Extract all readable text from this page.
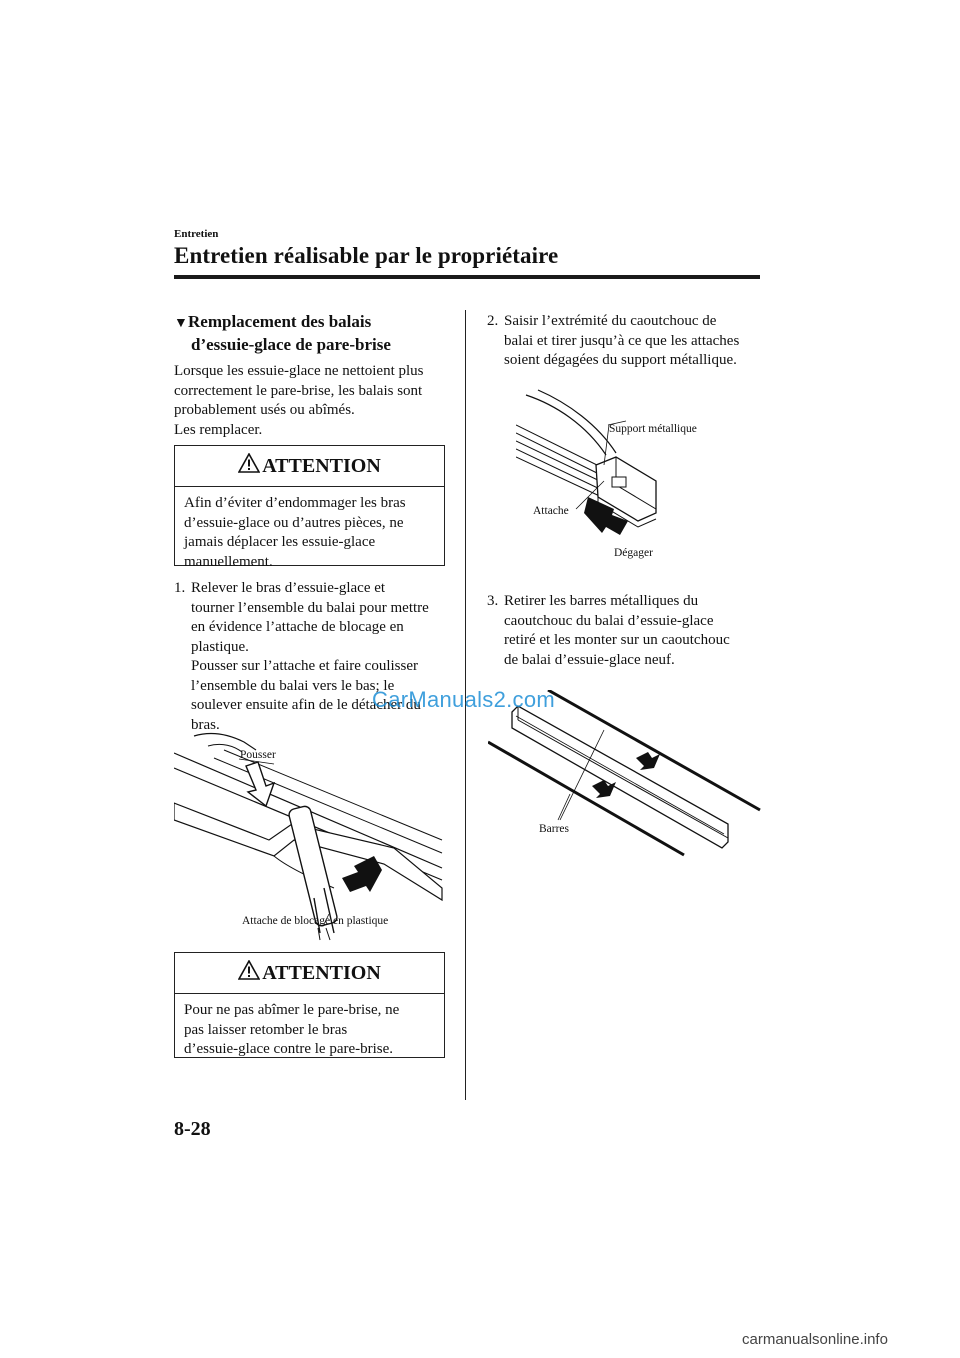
Entretien
Entretien réalisable par le propriétaire
▼Remplacement des balais
d’essuie-glace de pare-brise
Lorsque les essuie-glace ne nettoient plus
correctement le pare-brise, les balais sont
probablement usés ou abîmés.
Les remplacer.
ATTENTION
Afin d’éviter d’endommager les bras
d’essuie-glace ou d’autres pièces, ne
jamais déplacer les essuie-glace
manuellement.
1. Relever le bras d’essuie-glace et
tourner l’ensemble du balai pour mettre
en évidence l’attache de blocage en
plastique.
Pousser sur l’attache et faire coulisser
l’ensemble du balai vers le bas; le
soulever ensuite afin de le détacher du
bras.
Pousser
Attache de blocage en plastique
ATTENTION
Pour ne pas abîmer le pare-brise, ne
pas laisser retomber le bras
d’essuie-glace contre le pare-brise.
2. Saisir l’extrémité du caoutchouc de
balai et tirer jusqu’à ce que les attaches
soient dégagées du support métallique.
Support métallique
Attache
Dégager
3. Retirer les barres métalliques du
caoutchouc du balai d’essuie-glace
retiré et les monter sur un caoutchouc
de balai d’essuie-glace neuf.
Barres
CarManuals2.com
8-28
carmanualsonline.info
